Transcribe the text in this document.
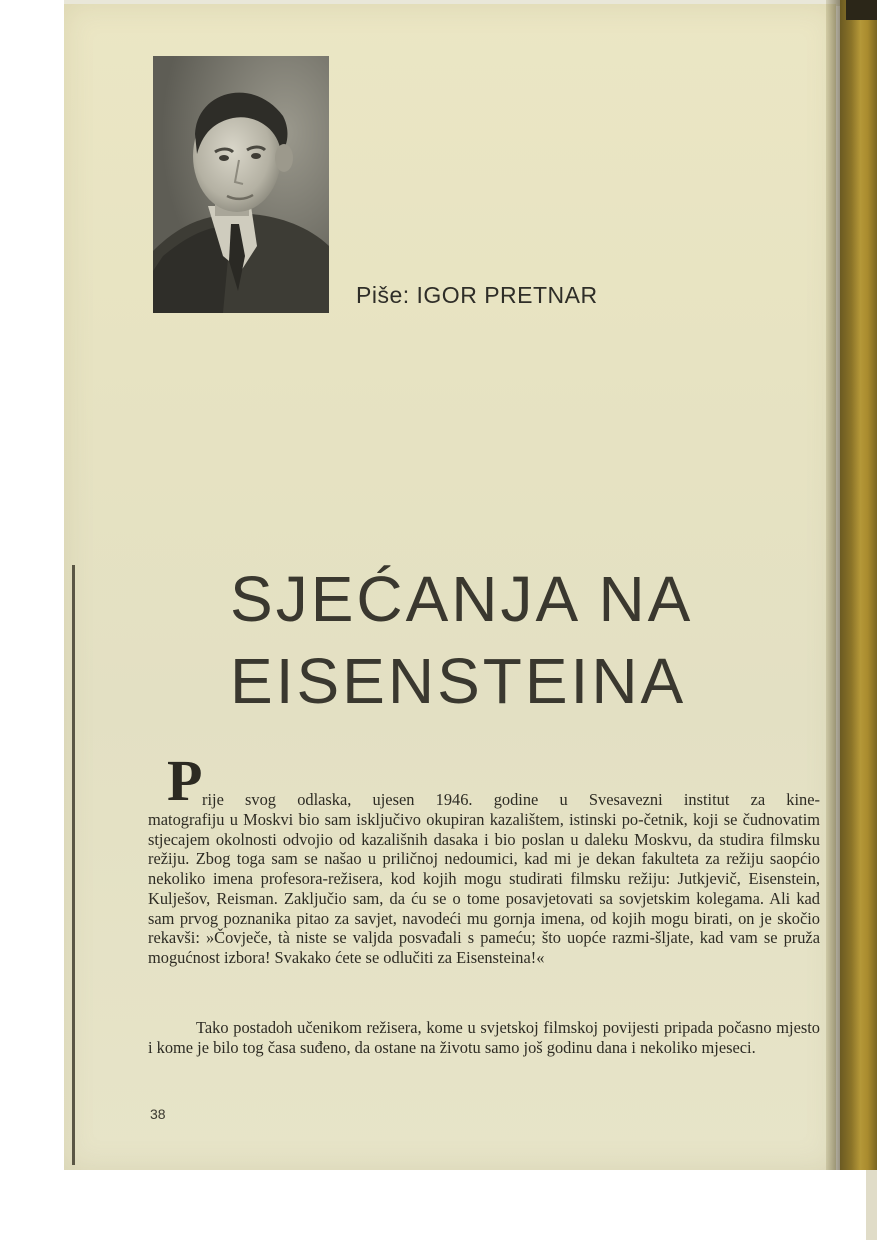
Piše: IGOR PRETNAR

SJEĆANJA NA
EISENSTEINA

P rije svog odlaska, ujesen 1946. godine u Svesavezni institut za kine-

matografiju u Moskvi bio sam isključivo okupiran kazalištem, istinski po-četnik, koji se čudnovatim stjecajem okolnosti odvojio od kazališnih dasaka i bio poslan u daleku Moskvu, da studira filmsku režiju. Zbog toga sam se našao u priličnoj nedoumici, kad mi je dekan fakulteta za režiju saopćio nekoliko imena profesora-režisera, kod kojih mogu studirati filmsku režiju: Jutkjevič, Eisenstein, Kulješov, Reisman. Zaključio sam, da ću se o tome posavjetovati sa sovjetskim kolegama. Ali kad sam prvog poznanika pitao za savjet, navodeći mu gornja imena, od kojih mogu birati, on je skočio rekavši: »Čovječe, tà niste se valjda posvađali s pameću; što uopće razmi-šljate, kad vam se pruža mogućnost izbora! Svakako ćete se odlučiti za Eisensteina!«

Tako postadoh učenikom režisera, kome u svjetskoj filmskoj povijesti pripada počasno mjesto i kome je bilo tog časa suđeno, da ostane na životu samo još godinu dana i nekoliko mjeseci.

38
